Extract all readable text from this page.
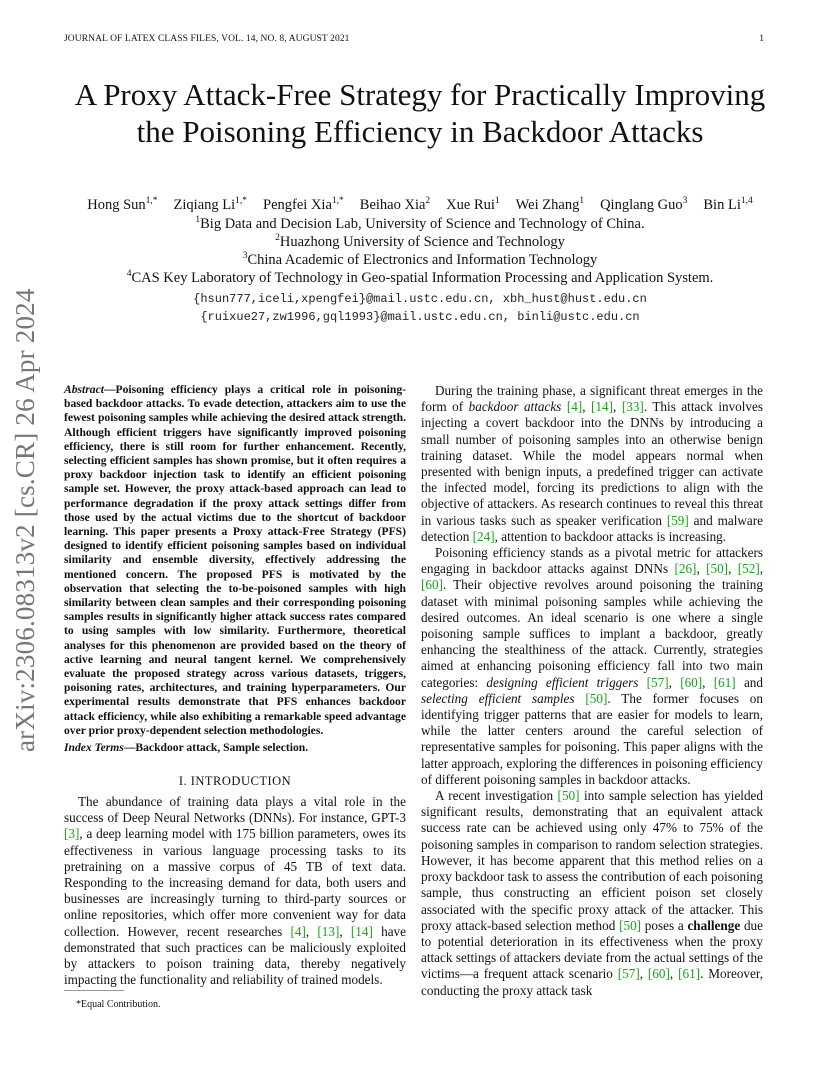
JOURNAL OF LATEX CLASS FILES, VOL. 14, NO. 8, AUGUST 2021	1
arXiv:2306.08313v2 [cs.CR] 26 Apr 2024
A Proxy Attack-Free Strategy for Practically Improving the Poisoning Efficiency in Backdoor Attacks
Hong Sun$^{1,*}$ Ziqiang $Li^{1,*}$ Pengfei Xia$^{1,*}$ Beihao Xia$^2$ Xue Rui$^1$ Wei Zhang$^1$ Qinglang Guo$^3$ Bin Li$^{1,4}$
$^1$Big Data and Decision Lab, University of Science and Technology of China.
$^2$Huazhong University of Science and Technology
$^3$China Academic of Electronics and Information Technology
$^4$CAS Key Laboratory of Technology in Geo-spatial Information Processing and Application System.
{hsun777,iceli,xpengfei}@mail.ustc.edu.cn, xbh_hust@hust.edu.cn
{ruixue27,zw1996,gql1993}@mail.ustc.edu.cn, binli@ustc.edu.cn
Abstract—Poisoning efficiency plays a critical role in poisoning-based backdoor attacks. To evade detection, attackers aim to use the fewest poisoning samples while achieving the desired attack strength. Although efficient triggers have significantly improved poisoning efficiency, there is still room for further enhancement. Recently, selecting efficient samples has shown promise, but it often requires a proxy backdoor injection task to identify an efficient poisoning sample set. However, the proxy attack-based approach can lead to performance degradation if the proxy attack settings differ from those used by the actual victims due to the shortcut of backdoor learning. This paper presents a Proxy attack-Free Strategy (PFS) designed to identify efficient poisoning samples based on individual similarity and ensemble diversity, effectively addressing the mentioned concern. The proposed PFS is motivated by the observation that selecting the to-be-poisoned samples with high similarity between clean samples and their corresponding poisoning samples results in significantly higher attack success rates compared to using samples with low similarity. Furthermore, theoretical analyses for this phenomenon are provided based on the theory of active learning and neural tangent kernel. We comprehensively evaluate the proposed strategy across various datasets, triggers, poisoning rates, architectures, and training hyperparameters. Our experimental results demonstrate that PFS enhances backdoor attack efficiency, while also exhibiting a remarkable speed advantage over prior proxy-dependent selection methodologies.
Index Terms—Backdoor attack, Sample selection.
I. INTRODUCTION

The abundance of training data plays a vital role in the success of Deep Neural Networks (DNNs). For instance, GPT-3 [3], a deep learning model with 175 billion parameters, owes its effectiveness in various language processing tasks to its pretraining on a massive corpus of 45 TB of text data. Responding to the increasing demand for data, both users and businesses are increasingly turning to third-party sources or online repositories, which offer more convenient way for data collection. However, recent researches [4], [13], [14] have demonstrated that such practices can be maliciously exploited by attackers to poison training data, thereby negatively impacting the functionality and reliability of trained models.

*Equal Contribution.

During the training phase, a significant threat emerges in the form of backdoor attacks [4], [14], [33]. This attack involves injecting a covert backdoor into the DNNs by introducing a small number of poisoning samples into an otherwise benign training dataset. While the model appears normal when presented with benign inputs, a predefined trigger can activate the infected model, forcing its predictions to align with the objective of attackers. As research continues to reveal this threat in various tasks such as speaker verification [59] and malware detection [24], attention to backdoor attacks is increasing.

Poisoning efficiency stands as a pivotal metric for attackers engaging in backdoor attacks against DNNs [26], [50], [52], [60]. Their objective revolves around poisoning the training dataset with minimal poisoning samples while achieving the desired outcomes. An ideal scenario is one where a single poisoning sample suffices to implant a backdoor, greatly enhancing the stealthiness of the attack. Currently, strategies aimed at enhancing poisoning efficiency fall into two main categories: designing efficient triggers [57], [60], [61] and selecting efficient samples [50]. The former focuses on identifying trigger patterns that are easier for models to learn, while the latter centers around the careful selection of representative samples for poisoning. This paper aligns with the latter approach, exploring the differences in poisoning efficiency of different poisoning samples in backdoor attacks.

A recent investigation [50] into sample selection has yielded significant results, demonstrating that an equivalent attack success rate can be achieved using only 47% to 75% of the poisoning samples in comparison to random selection strategies. However, it has become apparent that this method relies on a proxy backdoor task to assess the contribution of each poisoning sample, thus constructing an efficient poison set closely associated with the specific proxy attack of the attacker. This proxy attack-based selection method [50] poses a challenge due to potential deterioration in its effectiveness when the proxy attack settings of attackers deviate from the actual settings of the victims—a frequent attack scenario [57], [60], [61]. Moreover, conducting the proxy attack task
